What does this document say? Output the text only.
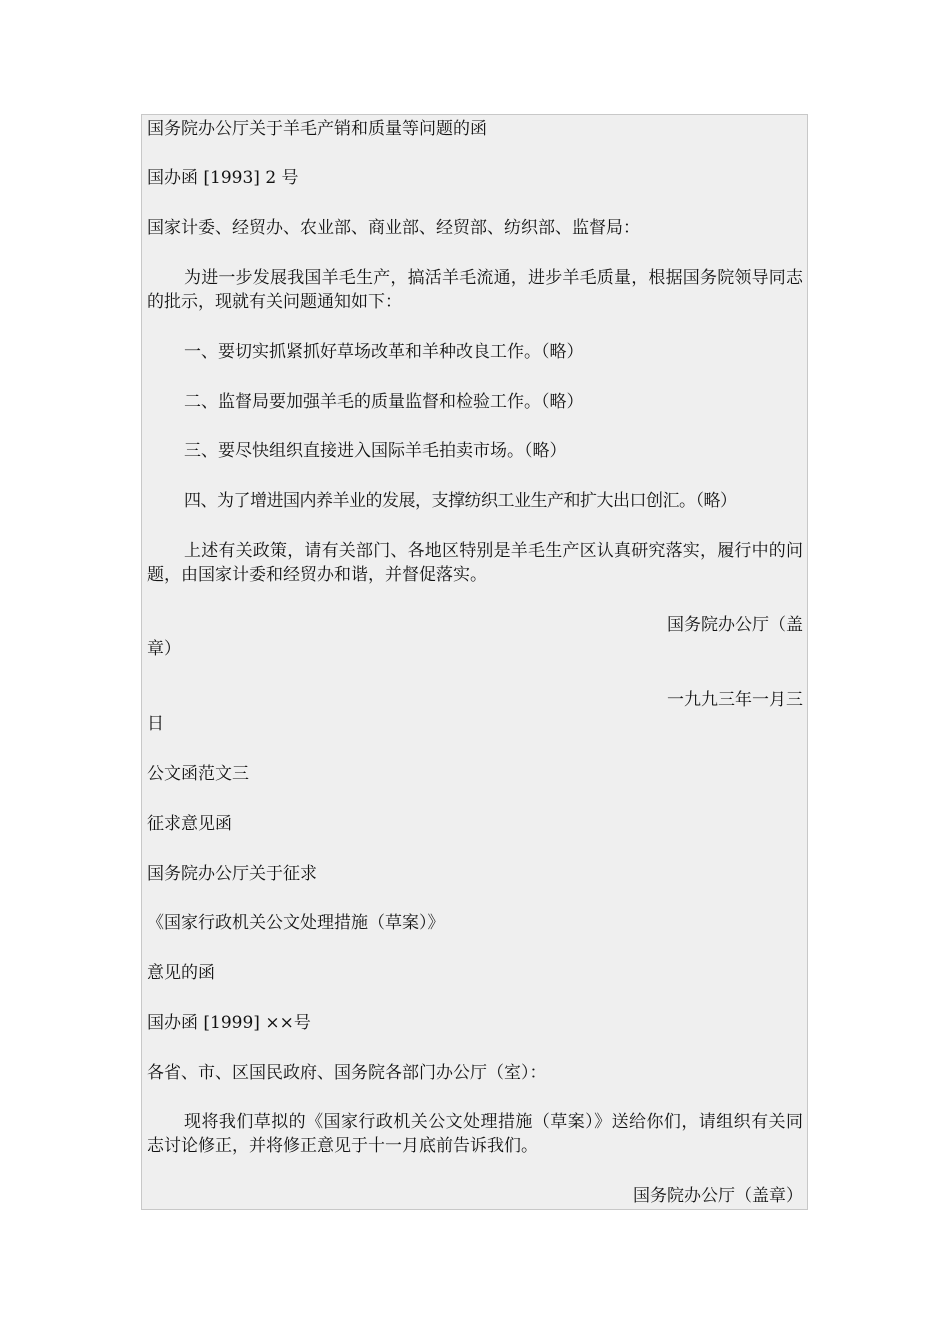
国务院办公厅关于羊毛产销和质量等问题的函
国办函 [1993] 2 号
国家计委、经贸办、农业部、商业部、经贸部、纺织部、监督局：
为进一步发展我国羊毛生产，搞活羊毛流通，进步羊毛质量，根据国务院领导同志的批示，现就有关问题通知如下：
一、要切实抓紧抓好草场改革和羊种改良工作。（略）
二、监督局要加强羊毛的质量监督和检验工作。（略）
三、要尽快组织直接进入国际羊毛拍卖市场。（略）
四、为了增进国内养羊业的发展，支撑纺织工业生产和扩大出口创汇。（略）
上述有关政策，请有关部门、各地区特别是羊毛生产区认真研究落实，履行中的问题，由国家计委和经贸办和谐，并督促落实。
国务院办公厅（盖
章）
一九九三年一月三
日
公文函范文三
征求意见函
国务院办公厅关于征求
《国家行政机关公文处理措施（草案）》
意见的函
国办函 [1999] ××号
各省、市、区国民政府、国务院各部门办公厅（室）：
现将我们草拟的《国家行政机关公文处理措施（草案）》送给你们，请组织有关同志讨论修正，并将修正意见于十一月底前告诉我们。
国务院办公厅（盖章）
